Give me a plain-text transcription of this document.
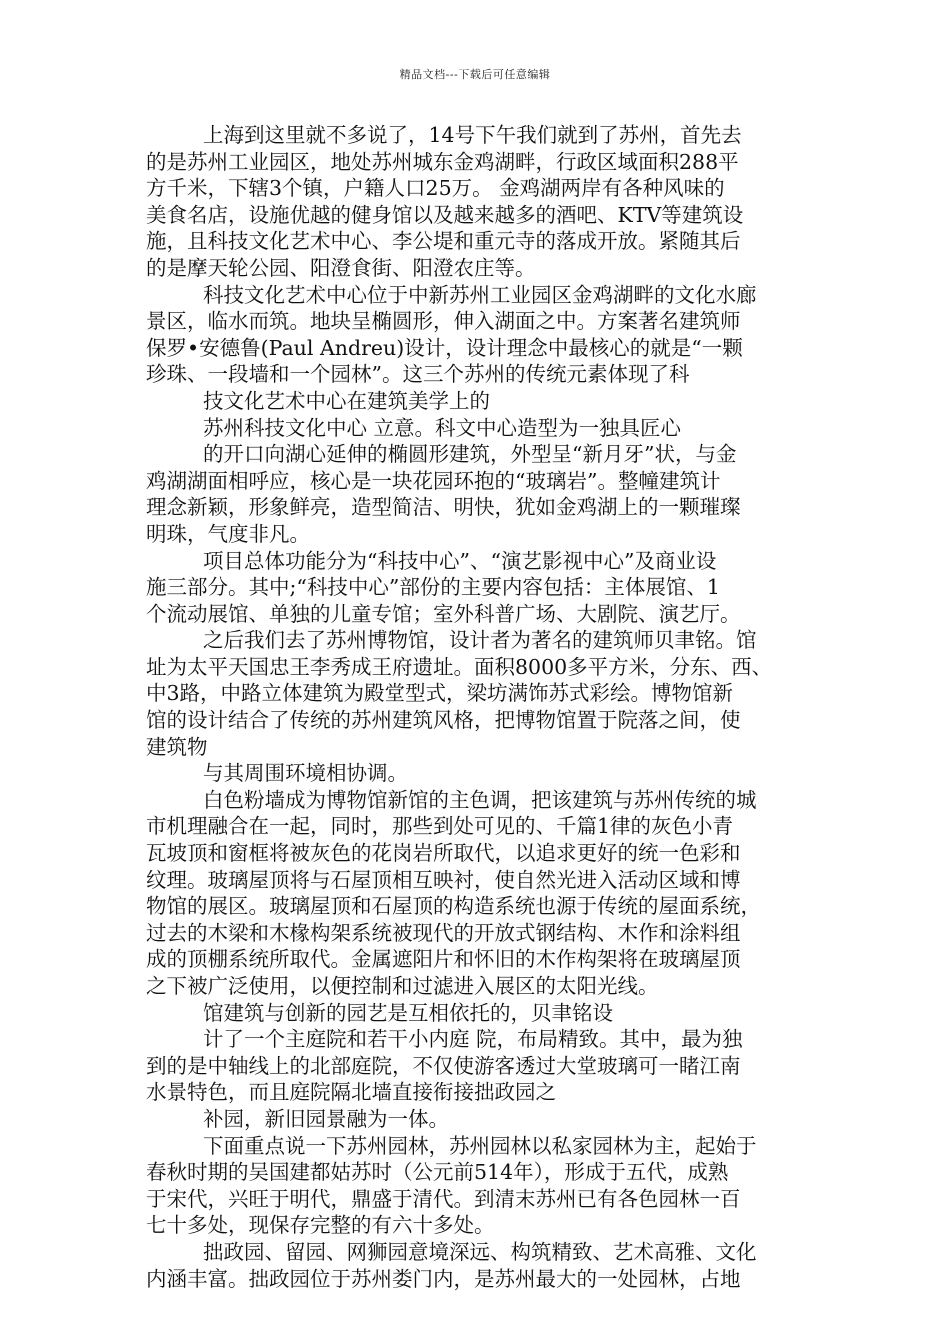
精品文档---下载后可任意编辑
上海到这里就不多说了，14号下午我们就到了苏州，首先去
的是苏州工业园区，地处苏州城东金鸡湖畔，行政区域面积288平
方千米，下辖3个镇，户籍人口25万。 金鸡湖两岸有各种风味的
美食名店，设施优越的健身馆以及越来越多的酒吧、KTV等建筑设
施，且科技文化艺术中心、李公堤和重元寺的落成开放。紧随其后
的是摩天轮公园、阳澄食街、阳澄农庄等。
科技文化艺术中心位于中新苏州工业园区金鸡湖畔的文化水廊
景区，临水而筑。地块呈椭圆形，伸入湖面之中。方案著名建筑师
保罗•安德鲁(Paul Andreu)设计，设计理念中最核心的就是“一颗
珍珠、一段墙和一个园林”。这三个苏州的传统元素体现了科
技文化艺术中心在建筑美学上的
苏州科技文化中心 立意。科文中心造型为一独具匠心
的开口向湖心延伸的椭圆形建筑，外型呈“新月牙”状，与金
鸡湖湖面相呼应，核心是一块花园环抱的“玻璃岩”。整幢建筑计
理念新颖，形象鲜亮，造型简洁、明快，犹如金鸡湖上的一颗璀璨
明珠，气度非凡。
项目总体功能分为“科技中心”、“演艺影视中心”及商业设
施三部分。其中;“科技中心”部份的主要内容包括：主体展馆、1
个流动展馆、单独的儿童专馆；室外科普广场、大剧院、演艺厅。
之后我们去了苏州博物馆，设计者为著名的建筑师贝聿铭。馆
址为太平天国忠王李秀成王府遗址。面积8000多平方米，分东、西、
中3路，中路立体建筑为殿堂型式，梁坊满饰苏式彩绘。博物馆新
馆的设计结合了传统的苏州建筑风格，把博物馆置于院落之间，使
建筑物
与其周围环境相协调。
白色粉墙成为博物馆新馆的主色调，把该建筑与苏州传统的城
市机理融合在一起，同时，那些到处可见的、千篇1律的灰色小青
瓦坡顶和窗框将被灰色的花岗岩所取代，以追求更好的统一色彩和
纹理。玻璃屋顶将与石屋顶相互映衬，使自然光进入活动区域和博
物馆的展区。玻璃屋顶和石屋顶的构造系统也源于传统的屋面系统，
过去的木梁和木椽构架系统被现代的开放式钢结构、木作和涂料组
成的顶棚系统所取代。金属遮阳片和怀旧的木作构架将在玻璃屋顶
之下被广泛使用，以便控制和过滤进入展区的太阳光线。
馆建筑与创新的园艺是互相依托的，贝聿铭设
计了一个主庭院和若干小内庭 院，布局精致。其中，最为独
到的是中轴线上的北部庭院，不仅使游客透过大堂玻璃可一睹江南
水景特色，而且庭院隔北墙直接衔接拙政园之
补园，新旧园景融为一体。
下面重点说一下苏州园林，苏州园林以私家园林为主，起始于
春秋时期的吴国建都姑苏时（公元前514年），形成于五代，成熟
于宋代，兴旺于明代，鼎盛于清代。到清末苏州已有各色园林一百
七十多处，现保存完整的有六十多处。
拙政园、留园、网狮园意境深远、构筑精致、艺术高雅、文化
内涵丰富。拙政园位于苏州娄门内，是苏州最大的一处园林，占地
